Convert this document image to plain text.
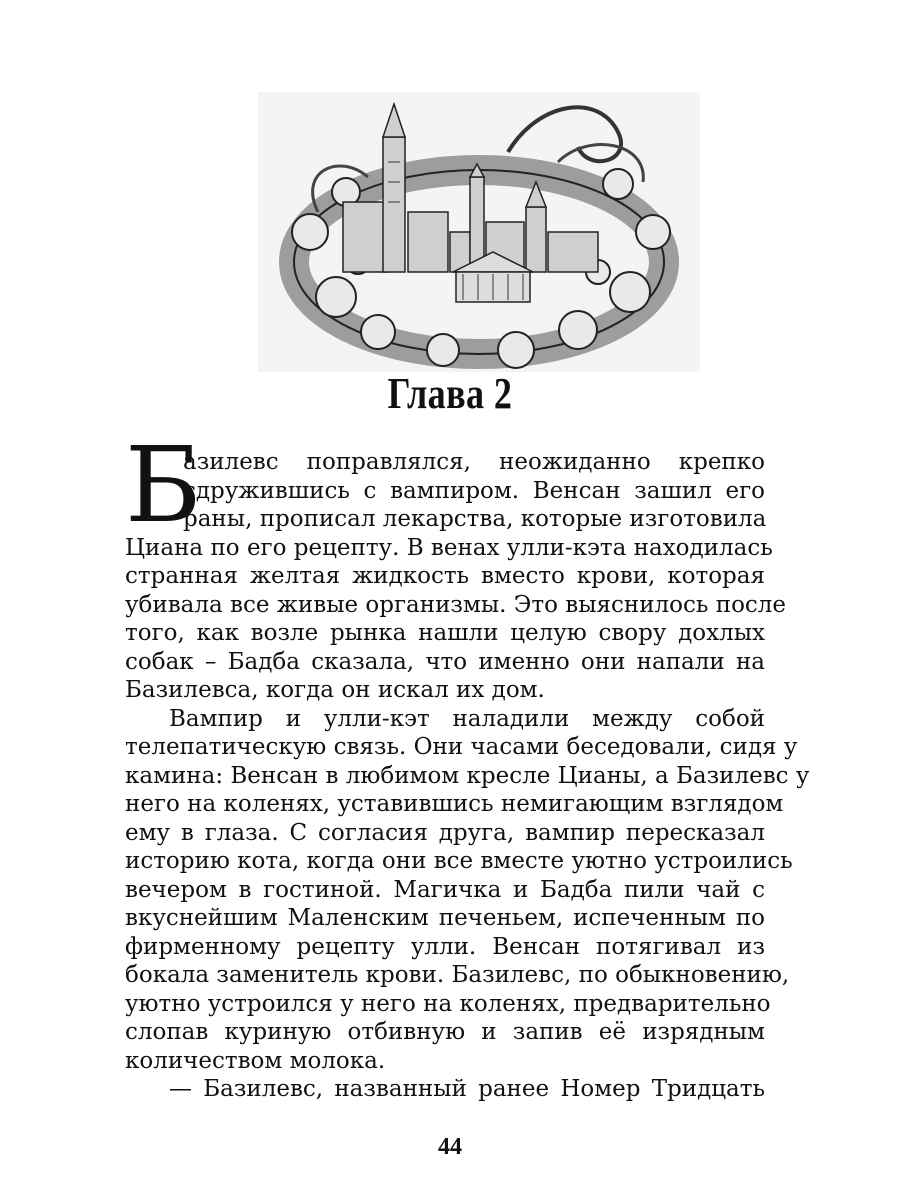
Глава 2
Б
азилевс поправлялся, неожиданно крепко
сдружившись с вампиром. Венсан зашил его
раны, прописал лекарства, которые изготовила
Циана по его рецепту. В венах улли-кэта находилась
странная желтая жидкость вместо крови, которая
убивала все живые организмы. Это выяснилось после
того, как возле рынка нашли целую свору дохлых
собак – Бадба сказала, что именно они напали на
Базилевса, когда он искал их дом.
Вампир и улли-кэт наладили между собой
телепатическую связь. Они часами беседовали, сидя у
камина: Венсан в любимом кресле Цианы, а Базилевс у
него на коленях, уставившись немигающим взглядом
ему в глаза. С согласия друга, вампир пересказал
историю кота, когда они все вместе уютно устроились
вечером в гостиной. Магичка и Бадба пили чай с
вкуснейшим Маленским печеньем, испеченным по
фирменному рецепту улли. Венсан потягивал из
бокала заменитель крови. Базилевс, по обыкновению,
уютно устроился у него на коленях, предварительно
слопав куриную отбивную и запив её изрядным
количеством молока.
— Базилевс, названный ранее Номер Тридцать
44
